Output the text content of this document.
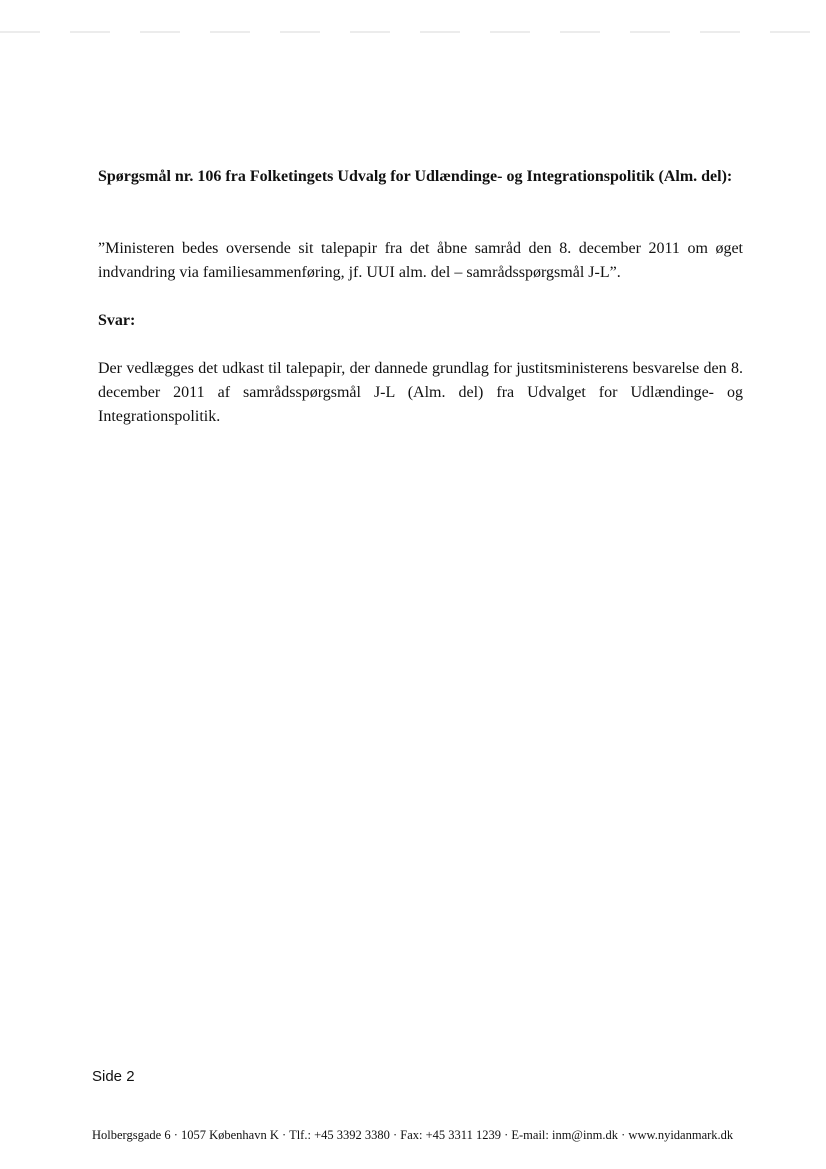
Spørgsmål nr. 106 fra Folketingets Udvalg for Udlændinge- og Integrationspolitik (Alm. del):
”Ministeren bedes oversende sit talepapir fra det åbne samråd den 8. december 2011 om øget indvandring via familiesammenføring, jf. UUI alm. del – samrådsspørgsmål J-L”.
Svar:
Der vedlægges det udkast til talepapir, der dannede grundlag for justitsministerens besvarelse den 8. december 2011 af samrådsspørgsmål J-L (Alm. del) fra Udvalget for Udlændinge- og Integrationspolitik.
Side 2
Holbergsgade 6 · 1057 København K · Tlf.: +45 3392 3380 · Fax: +45 3311 1239 · E-mail: inm@inm.dk · www.nyidanmark.dk
